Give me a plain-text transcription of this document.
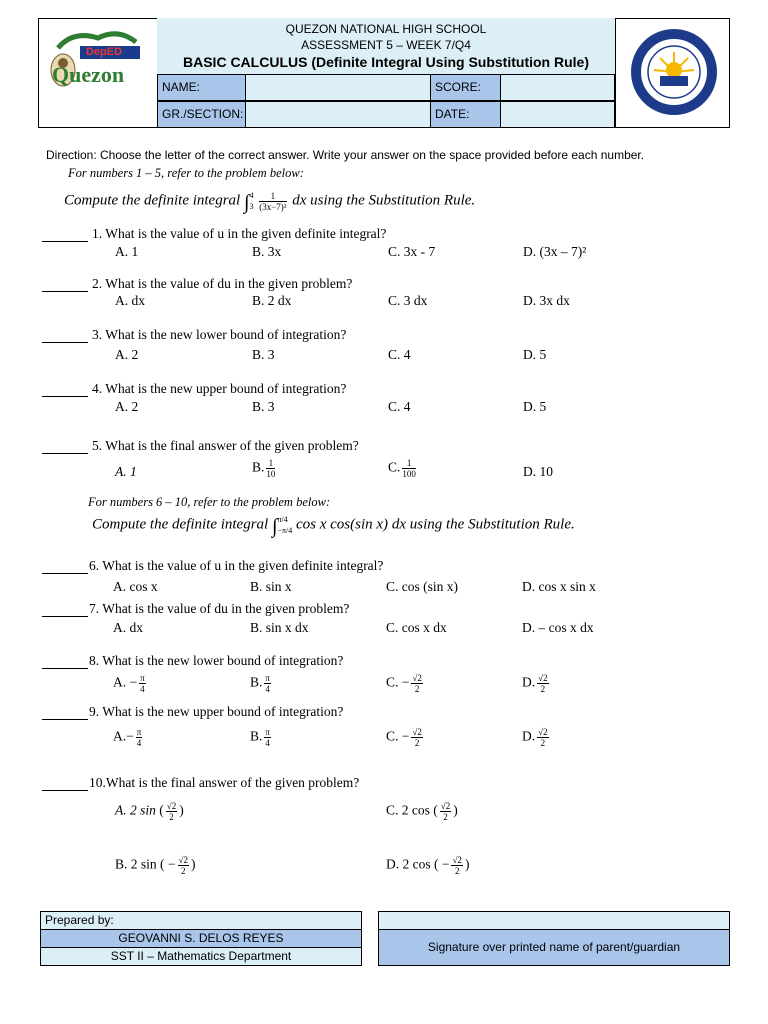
DepED
Quezon
QUEZON NATIONAL HIGH SCHOOL
ASSESSMENT 5 – WEEK 7/Q4
BASIC CALCULUS (Definite Integral Using Substitution Rule)
NAME:	SCORE:
GR./SECTION:	DATE:
Direction: Choose the letter of the correct answer. Write your answer on the space provided before each number.
For numbers 1 – 5, refer to the problem below:
Compute the definite integral ∫ 4
3
$\frac{1}{\text{(3x−7)²}}$ dx using the Substitution Rule.
1. What is the value of u in the given definite integral?
A. 1	B. 3x	C. 3x - 7	D. (3x – 7)²
2. What is the value of du in the given problem?
A. dx	B. 2 dx	C. 3 dx	D. 3x dx
3. What is the new lower bound of integration?
A. 2	B. 3	C. 4	D. 5
4. What is the new upper bound of integration?
A. 2	B. 3	C. 4	D. 5
5. What is the final answer of the given problem?
A. 1	B. $\frac{1}{10}$	C. $\frac{1}{100}$	D. 10
For numbers 6 – 10, refer to the problem below:
Compute the definite integral ∫ π/4
−π/4 cos x cos(sin x) dx using the Substitution Rule.
6. What is the value of u in the given definite integral?
A. cos x	B. sin x	C. cos (sin x)	D. cos x sin x
7. What is the value of du in the given problem?
A. dx	B. sin x dx	C. cos x dx	D. – cos x dx
8. What is the new lower bound of integration?
A. − $\frac{\pi}{4}$	B. $\frac{\pi}{4}$	C. − $\frac{√2}{2}$	D. $\frac{√2}{2}$
9. What is the new upper bound of integration?
$A.- \frac{\pi}{4}$	B. $\frac{\pi}{4}$	C. − $\frac{√2}{2}$	D. $\frac{√2}{2}$
10.What is the final answer of the given problem?
A. 2 sin ( $\frac{√2}{2}$ )	C. 2 cos ( $\frac{√2}{2}$ )
B. 2 sin ( − $\frac{√2}{2}$ )	D. 2 cos ( − $\frac{√2}{2}$ )
Prepared by:
GEOVANNI S. DELOS REYES
SST II – Mathematics Department
Signature over printed name of parent/guardian
